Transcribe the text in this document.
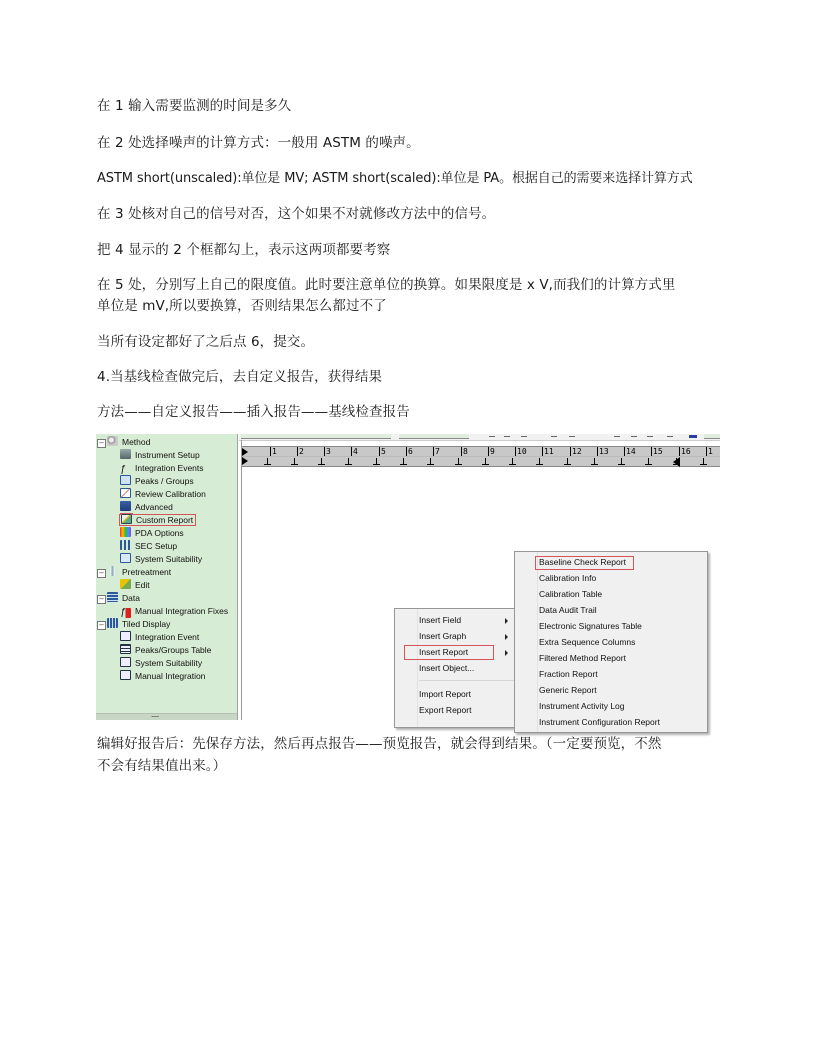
在 1 输入需要监测的时间是多久
在 2 处选择噪声的计算方式：一般用 ASTM 的噪声。
ASTM short(unscaled):单位是 MV; ASTM short(scaled):单位是 PA。根据自己的需要来选择计算方式
在 3 处核对自己的信号对否，这个如果不对就修改方法中的信号。
把 4 显示的 2 个框都勾上，表示这两项都要考察
在 5 处，分别写上自己的限度值。此时要注意单位的换算。如果限度是 x V,而我们的计算方式里
单位是 mV,所以要换算，否则结果怎么都过不了
当所有设定都好了之后点 6，提交。
4.当基线检查做完后，去自定义报告，获得结果
方法——自定义报告——插入报告——基线检查报告
−	Method
Instrument Setup
ƒ Integration Events
Peaks / Groups
Review Calibration
Advanced
Custom Report
PDA Options
SEC Setup
System Suitability
−	Pretreatment
Edit
−	Data
ƒ Manual Integration Fixes
−	Tiled Display
Integration Event
Peaks/Groups Table
System Suitability
Manual Integration
........
1	2	3	4	5	6	7	8	9	10 11 12 13 14 15 16 1
Insert Field
Insert Graph
Insert Report
Insert Object...
Import Report
Export Report
Baseline Check Report
Calibration Info
Calibration Table
Data Audit Trail
Electronic Signatures Table
Extra Sequence Columns
Filtered Method Report
Fraction Report
Generic Report
Instrument Activity Log
Instrument Configuration Report
编辑好报告后：先保存方法，然后再点报告——预览报告，就会得到结果。（一定要预览，不然
不会有结果值出来。）
